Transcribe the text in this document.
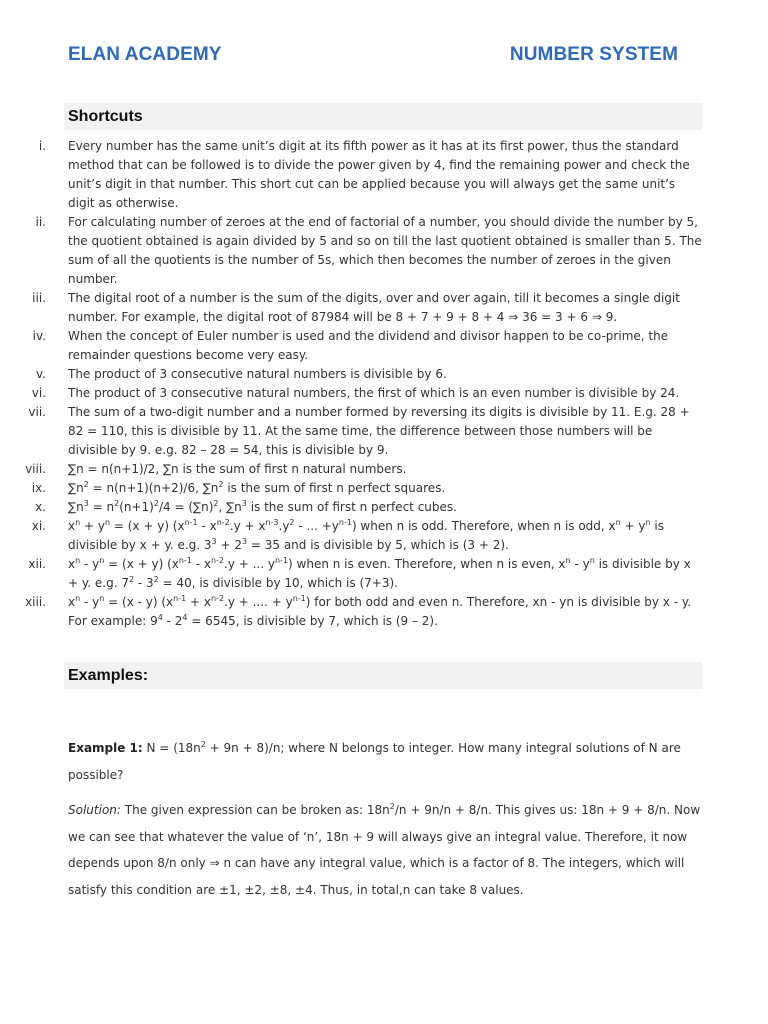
ELAN ACADEMY	NUMBER SYSTEM
Shortcuts
i. Every number has the same unit’s digit at its fifth power as it has at its first power, thus the standard method that can be followed is to divide the power given by 4, find the remaining power and check the unit’s digit in that number. This short cut can be applied because you will always get the same unit’s digit as otherwise.
ii. For calculating number of zeroes at the end of factorial of a number, you should divide the number by 5, the quotient obtained is again divided by 5 and so on till the last quotient obtained is smaller than 5. The sum of all the quotients is the number of 5s, which then becomes the number of zeroes in the given number.
iii. The digital root of a number is the sum of the digits, over and over again, till it becomes a single digit number. For example, the digital root of 87984 will be 8 + 7 + 9 + 8 + 4 ⇒ 36 = 3 + 6 ⇒ 9.
iv. When the concept of Euler number is used and the dividend and divisor happen to be co-prime, the remainder questions become very easy.
v. The product of 3 consecutive natural numbers is divisible by 6.
vi. The product of 3 consecutive natural numbers, the first of which is an even number is divisible by 24.
vii. The sum of a two-digit number and a number formed by reversing its digits is divisible by 11. E.g. 28 + 82 = 110, this is divisible by 11. At the same time, the difference between those numbers will be divisible by 9. e.g. 82 – 28 = 54, this is divisible by 9.
viii. ∑n = n(n+1)/2, ∑n is the sum of first n natural numbers.
ix. $\sum n^2 = n(n+1)(n+2)/6$, $\sum n^2$ is the sum of first n perfect squares.
x. $\sum n^3 = n^2(n+1)^2/4 = (\sum n)^2$, $\sum n^3$ is the sum of first n perfect cubes.
xi. $x^n + y^n = (x + y)$ ($x^{n-1} - x^{n-2}.y + x^{n-3}.y^2$ - ... $+y^{n-1}$) when n is odd. Therefore, when n is odd, $x^n + y^n$ is divisible by x + y. e.g. $3^3 + 2^3 = 35$ and is divisible by 5, which is (3 + 2).
xii. $x^n - y^n = (x + y)$ ($x^{n-1} - x^{n-2}.y$ + ... $y^{n-1}$) when n is even. Therefore, when n is even, $x^n - y^n$ is divisible by x + y. e.g. $7^2 - 3^2 = 40$, is divisible by 10, which is (7+3).
xiii. $x^n - y^n = (x - y) (x^{n-1} + x^{n-2}.y$ + .... + $y^{n-1}$) for both odd and even n. Therefore, xn - yn is divisible by x - y. For example: $9^4 - 2^4 = 6545$, is divisible by 7, which is (9 – 2).
Examples:
Example 1: $N = (18n^2 + 9n + 8)/n$; where N belongs to integer. How many integral solutions of N are possible?
Solution: The given expression can be broken as: $18n^2/n + 9n/n + 8/n$. This gives us: 18n + 9 + 8/n. Now we can see that whatever the value of ‘n’, 18n + 9 will always give an integral value. Therefore, it now depends upon 8/n only ⇒ n can have any integral value, which is a factor of 8. The integers, which will satisfy this condition are ±1, ±2, ±8, ±4. Thus, in total,n can take 8 values.
